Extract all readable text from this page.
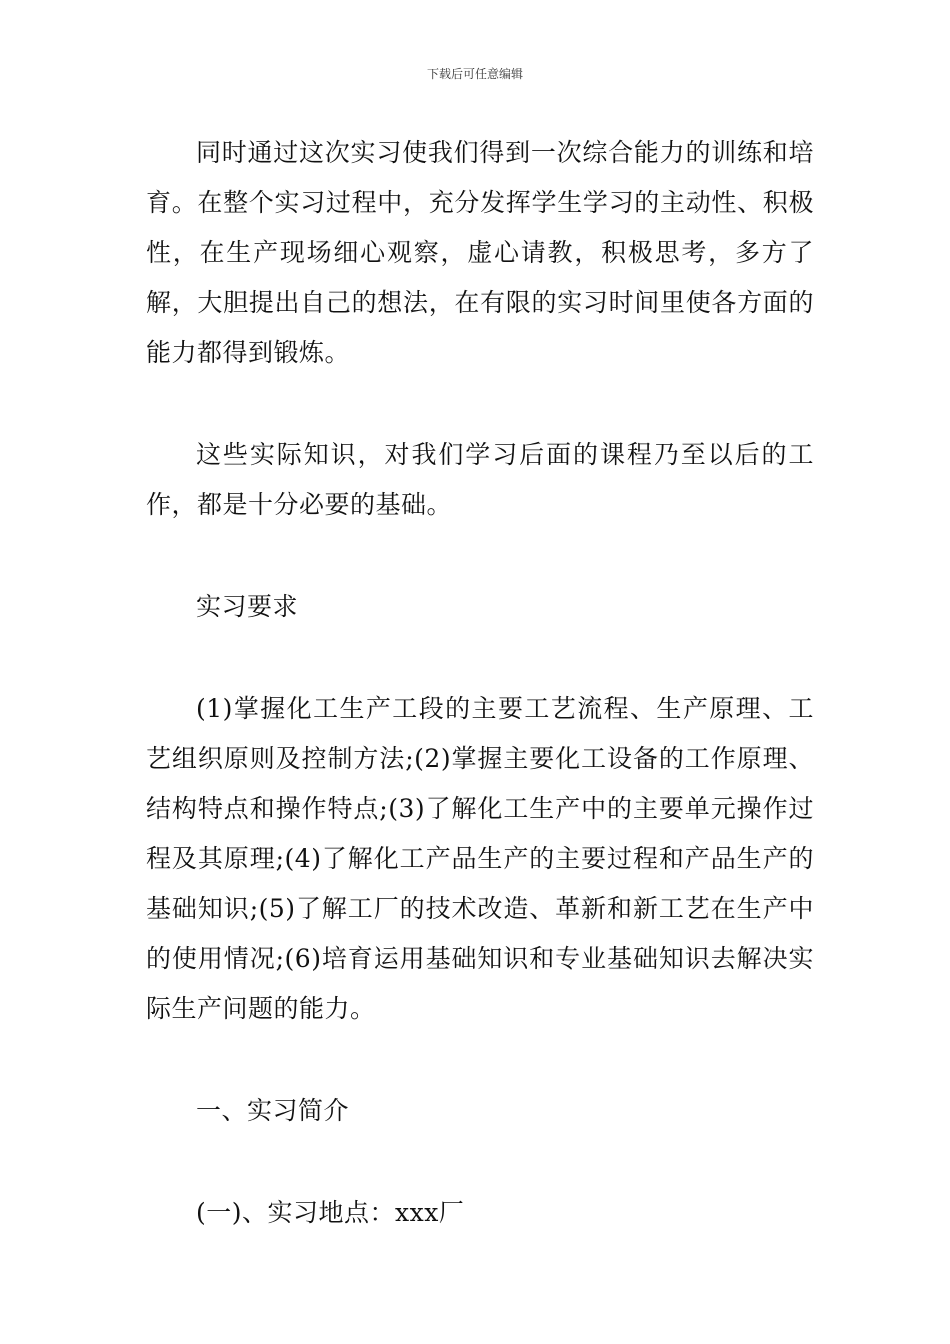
下载后可任意编辑

同时通过这次实习使我们得到一次综合能力的训练和培育。在整个实习过程中，充分发挥学生学习的主动性、积极性，在生产现场细心观察，虚心请教，积极思考，多方了解，大胆提出自己的想法，在有限的实习时间里使各方面的能力都得到锻炼。

这些实际知识，对我们学习后面的课程乃至以后的工作，都是十分必要的基础。

实习要求

(1)掌握化工生产工段的主要工艺流程、生产原理、工艺组织原则及控制方法;(2)掌握主要化工设备的工作原理、结构特点和操作特点;(3)了解化工生产中的主要单元操作过程及其原理;(4)了解化工产品生产的主要过程和产品生产的基础知识;(5)了解工厂的技术改造、革新和新工艺在生产中的使用情况;(6)培育运用基础知识和专业基础知识去解决实际生产问题的能力。

一、实习简介

(一)、实习地点：xxx厂
